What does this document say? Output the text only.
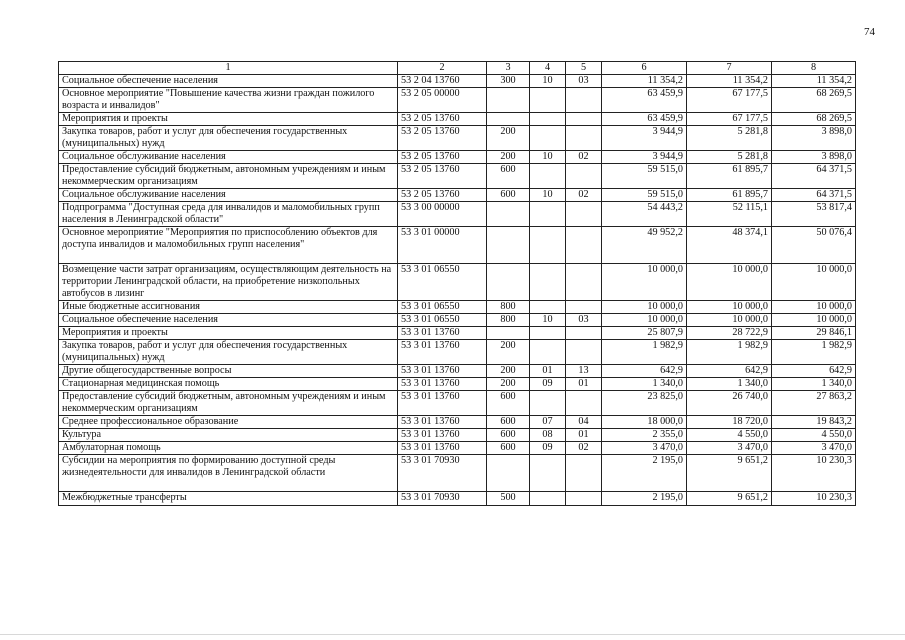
74
1	2	3	4	5	6	7	8
Социальное обеспечение населения	53 2 04 13760	300	10	03	11 354,2	11 354,2	11 354,2
Основное мероприятие "Повышение качества жизни граждан пожилого возраста и инвалидов"	53 2 05 00000				63 459,9	67 177,5	68 269,5
Мероприятия и проекты	53 2 05 13760				63 459,9	67 177,5	68 269,5
Закупка товаров, работ и услуг для обеспечения государственных (муниципальных) нужд	53 2 05 13760	200			3 944,9	5 281,8	3 898,0
Социальное обслуживание населения	53 2 05 13760	200	10	02	3 944,9	5 281,8	3 898,0
Предоставление субсидий бюджетным, автономным учреждениям и иным некоммерческим организациям	53 2 05 13760	600			59 515,0	61 895,7	64 371,5
Социальное обслуживание населения	53 2 05 13760	600	10	02	59 515,0	61 895,7	64 371,5
Подпрограмма "Доступная среда для инвалидов и маломобильных групп населения в Ленинградской области"	53 3 00 00000				54 443,2	52 115,1	53 817,4
Основное мероприятие "Мероприятия по приспособлению объектов для доступа инвалидов и маломобильных групп населения"	53 3 01 00000				49 952,2	48 374,1	50 076,4
Возмещение части затрат организациям, осуществляющим деятельность на территории Ленинградской области, на приобретение низкопольных автобусов в лизинг	53 3 01 06550				10 000,0	10 000,0	10 000,0
Иные бюджетные ассигнования	53 3 01 06550	800			10 000,0	10 000,0	10 000,0
Социальное обеспечение населения	53 3 01 06550	800	10	03	10 000,0	10 000,0	10 000,0
Мероприятия и проекты	53 3 01 13760				25 807,9	28 722,9	29 846,1
Закупка товаров, работ и услуг для обеспечения государственных (муниципальных) нужд	53 3 01 13760	200			1 982,9	1 982,9	1 982,9
Другие общегосударственные вопросы	53 3 01 13760	200	01	13	642,9	642,9	642,9
Стационарная медицинская помощь	53 3 01 13760	200	09	01	1 340,0	1 340,0	1 340,0
Предоставление субсидий бюджетным, автономным учреждениям и иным некоммерческим организациям	53 3 01 13760	600			23 825,0	26 740,0	27 863,2
Среднее профессиональное образование	53 3 01 13760	600	07	04	18 000,0	18 720,0	19 843,2
Культура	53 3 01 13760	600	08	01	2 355,0	4 550,0	4 550,0
Амбулаторная помощь	53 3 01 13760	600	09	02	3 470,0	3 470,0	3 470,0
Субсидии на мероприятия по формированию доступной среды жизнедеятельности для инвалидов в Ленинградской области	53 3 01 70930				2 195,0	9 651,2	10 230,3
Межбюджетные трансферты	53 3 01 70930	500			2 195,0	9 651,2	10 230,3
